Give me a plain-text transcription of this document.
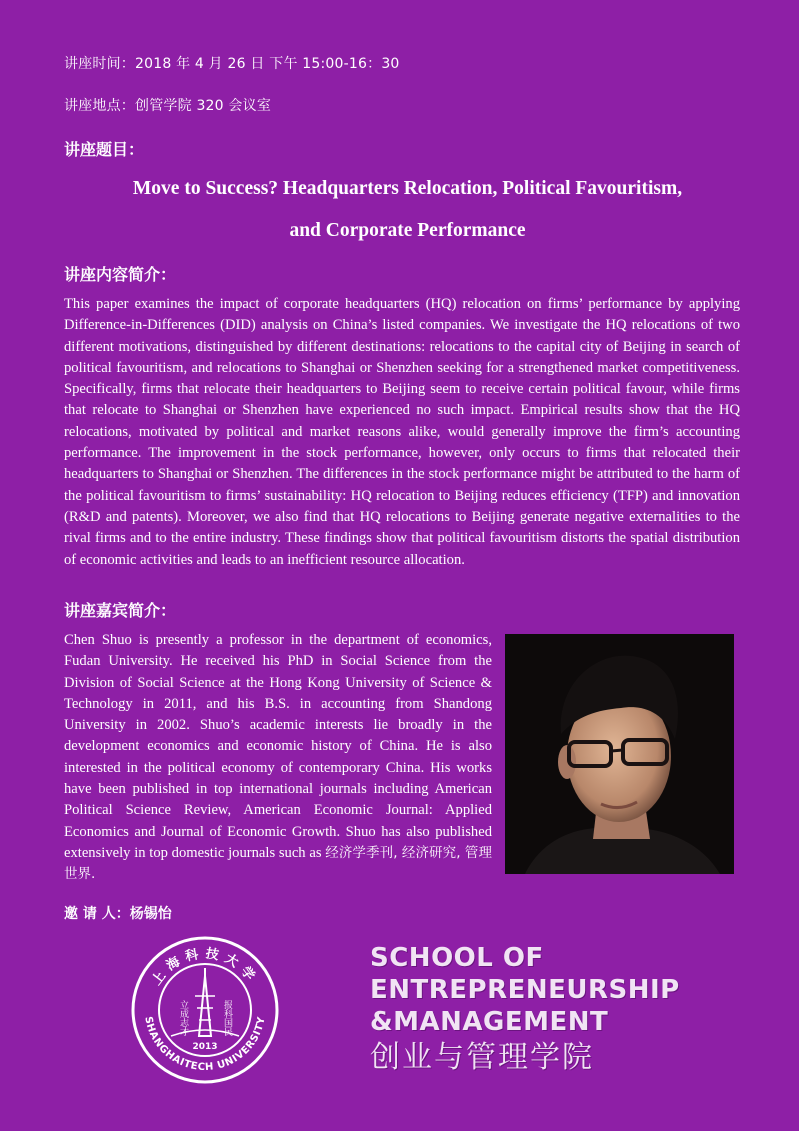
讲座时间：2018 年 4 月 26 日 下午 15:00-16：30
讲座地点：创管学院 320 会议室
讲座题目：
Move to Success? Headquarters Relocation, Political Favouritism,
and Corporate Performance
讲座内容简介：
This paper examines the impact of corporate headquarters (HQ) relocation on firms’ performance by applying Difference-in-Differences (DID) analysis on China’s listed companies. We investigate the HQ relocations of two different motivations, distinguished by different destinations: relocations to the capital city of Beijing in search of political favouritism, and relocations to Shanghai or Shenzhen seeking for a strengthened market competitiveness. Specifically, firms that relocate their headquarters to Beijing seem to receive certain political favour, while firms that relocate to Shanghai or Shenzhen have experienced no such impact. Empirical results show that the HQ relocations, motivated by political and market reasons alike, would generally improve the firm’s accounting performance. The improvement in the stock performance, however, only occurs to firms that relocated their headquarters to Shanghai or Shenzhen. The differences in the stock performance might be attributed to the harm of the political favouritism to firms’ sustainability: HQ relocation to Beijing reduces efficiency (TFP) and innovation (R&D and patents). Moreover, we also find that HQ relocations to Beijing generate negative externalities to the rival firms and to the entire industry. These findings show that political favouritism distorts the spatial distribution of economic activities and leads to an inefficient resource allocation.
讲座嘉宾简介：
Chen Shuo is presently a professor in the department of economics, Fudan University. He received his PhD in Social Science from the Division of Social Science at the Hong Kong University of Science & Technology in 2011, and his B.S. in accounting from Shandong University in 2002. Shuo’s academic interests lie broadly in the development economics and economic history of China. He is also interested in the political economy of contemporary China. His works have been published in top international journals including American Political Science Review, American Economic Journal: Applied Economics and Journal of Economic Growth. Shuo has also published extensively in top domestic journals such as 经济学季刊, 经济研究, 管理世界.
邀 请 人：杨锡怡
上海科技大学
SHANGHAITECH UNIVERSITY
立成志才	报科国民
2013
SCHOOL OF
ENTREPRENEURSHIP
&MANAGEMENT
创业与管理学院
